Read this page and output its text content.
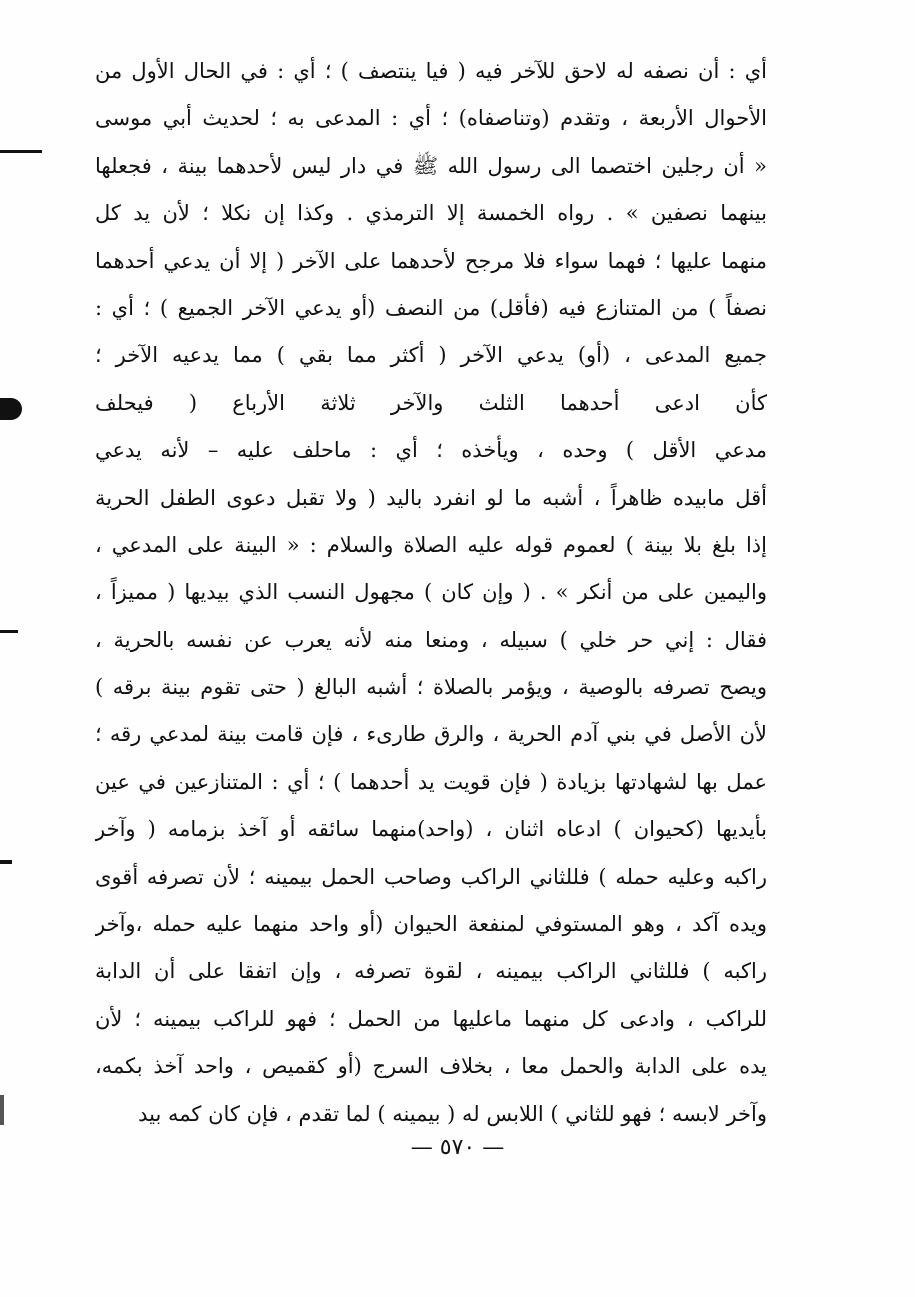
أي : أن نصفه له لاحق للآخر فيه ( فيا ينتصف ) ؛ أي : في الحال الأول من
الأحوال الأربعة ، وتقدم (وتناصفاه) ؛ أي : المدعى به ؛ لحديث أبي موسى
« أن رجلين اختصما الى رسول الله ﷺ في دار ليس لأحدهما بينة ، فجعلها
بينهما نصفين » . رواه الخمسة إلا الترمذي . وكذا إن نكلا ؛ لأن يد كل
منهما عليها ؛ فهما سواء فلا مرجح لأحدهما على الآخر ( إلا أن يدعي أحدهما
نصفاً ) من المتنازع فيه (فأقل) من النصف (أو يدعي الآخر الجميع ) ؛ أي :
جميع المدعى ، (أو) يدعي الآخر ( أكثر مما بقي ) مما يدعيه الآخر ؛
كأن ادعى أحدهما الثلث والآخر ثلاثة الأرباع ( فيحلف
مدعي الأقل ) وحده ، ويأخذه ؛ أي : ماحلف عليه – لأنه يدعي
أقل مابيده ظاهراً ، أشبه ما لو انفرد باليد ( ولا تقبل دعوى الطفل الحرية
إذا بلغ بلا بينة ) لعموم قوله عليه الصلاة والسلام : « البينة على المدعي ،
واليمين على من أنكر » . ( وإن كان ) مجهول النسب الذي بيديها ( مميزاً ،
فقال : إني حر خلي ) سبيله ، ومنعا منه لأنه يعرب عن نفسه بالحرية ،
ويصح تصرفه بالوصية ، ويؤمر بالصلاة ؛ أشبه البالغ ( حتى تقوم بينة برقه )
لأن الأصل في بني آدم الحرية ، والرق طارىء ، فإن قامت بينة لمدعي رقه ؛
عمل بها لشهادتها بزيادة ( فإن قويت يد أحدهما ) ؛ أي : المتنازعين في عين
بأيديها (كحيوان ) ادعاه اثنان ، (واحد)منهما سائقه أو آخذ بزمامه ( وآخر
راكبه وعليه حمله ) فللثاني الراكب وصاحب الحمل بيمينه ؛ لأن تصرفه أقوى
ويده آكد ، وهو المستوفي لمنفعة الحيوان (أو واحد منهما عليه حمله ،وآخر
راكبه ) فللثاني الراكب بيمينه ، لقوة تصرفه ، وإن اتفقا على أن الدابة
للراكب ، وادعى كل منهما ماعليها من الحمل ؛ فهو للراكب بيمينه ؛ لأن
يده على الدابة والحمل معا ، بخلاف السرج (أو كقميص ، واحد آخذ بكمه،
وآخر لابسه ؛ فهو للثاني ) اللابس له ( بيمينه ) لما تقدم ، فإن كان كمه بيد
— ٥٧٠ —
